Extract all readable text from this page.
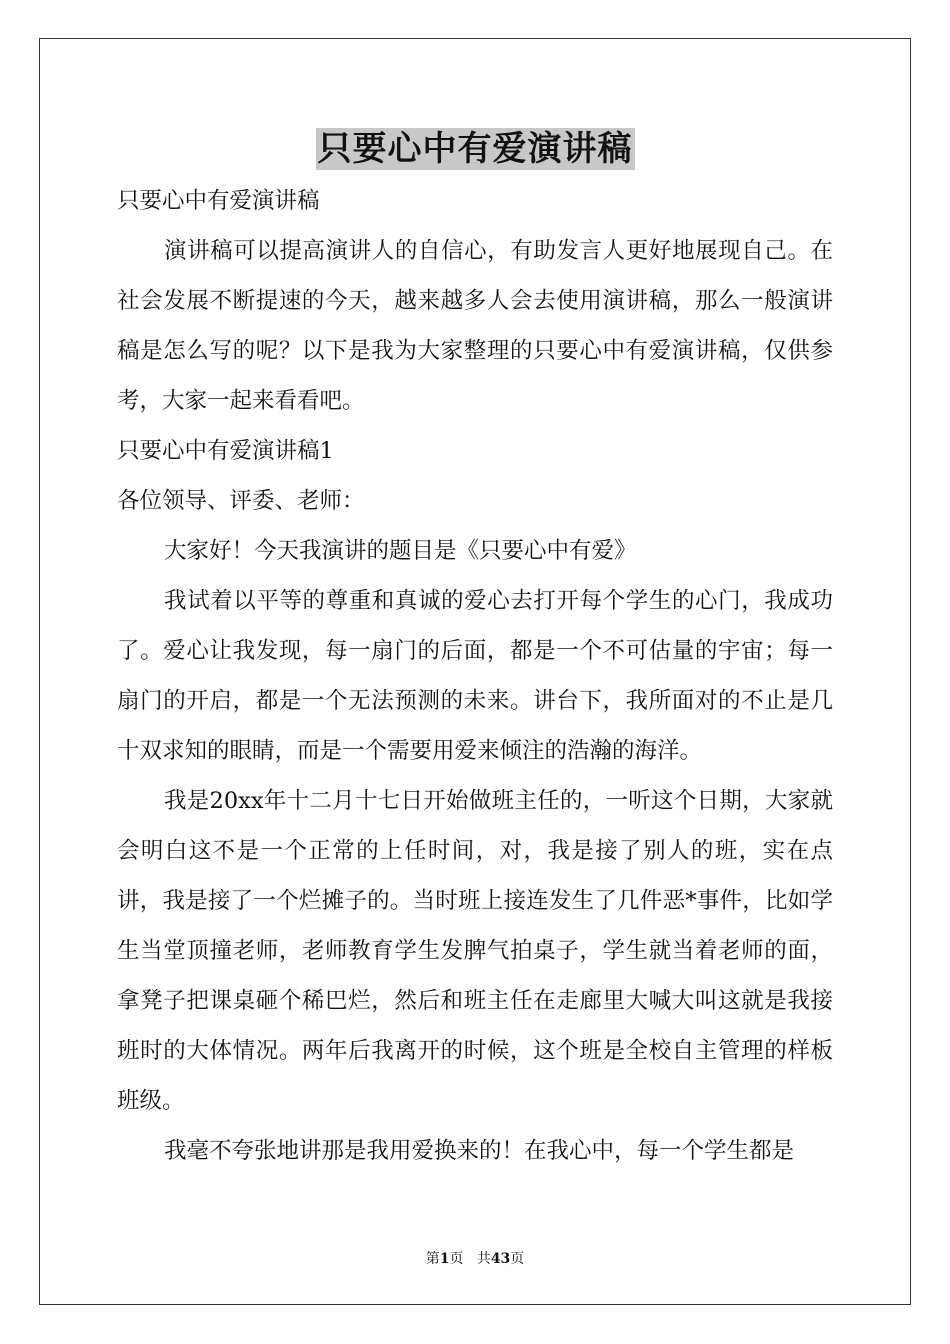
只要心中有爱演讲稿

只要心中有爱演讲稿

演讲稿可以提高演讲人的自信心，有助发言人更好地展现自己。在社会发展不断提速的今天，越来越多人会去使用演讲稿，那么一般演讲稿是怎么写的呢？以下是我为大家整理的只要心中有爱演讲稿，仅供参考，大家一起来看看吧。

只要心中有爱演讲稿1

各位领导、评委、老师：

大家好！今天我演讲的题目是《只要心中有爱》

我试着以平等的尊重和真诚的爱心去打开每个学生的心门，我成功了。爱心让我发现，每一扇门的后面，都是一个不可估量的宇宙；每一扇门的开启，都是一个无法预测的未来。讲台下，我所面对的不止是几十双求知的眼睛，而是一个需要用爱来倾注的浩瀚的海洋。

我是20xx年十二月十七日开始做班主任的，一听这个日期，大家就会明白这不是一个正常的上任时间，对，我是接了别人的班，实在点讲，我是接了一个烂摊子的。当时班上接连发生了几件恶*事件，比如学生当堂顶撞老师，老师教育学生发脾气拍桌子，学生就当着老师的面，拿凳子把课桌砸个稀巴烂，然后和班主任在走廊里大喊大叫这就是我接班时的大体情况。两年后我离开的时候，这个班是全校自主管理的样板班级。

我毫不夸张地讲那是我用爱换来的！在我心中，每一个学生都是

第1页 共43页
